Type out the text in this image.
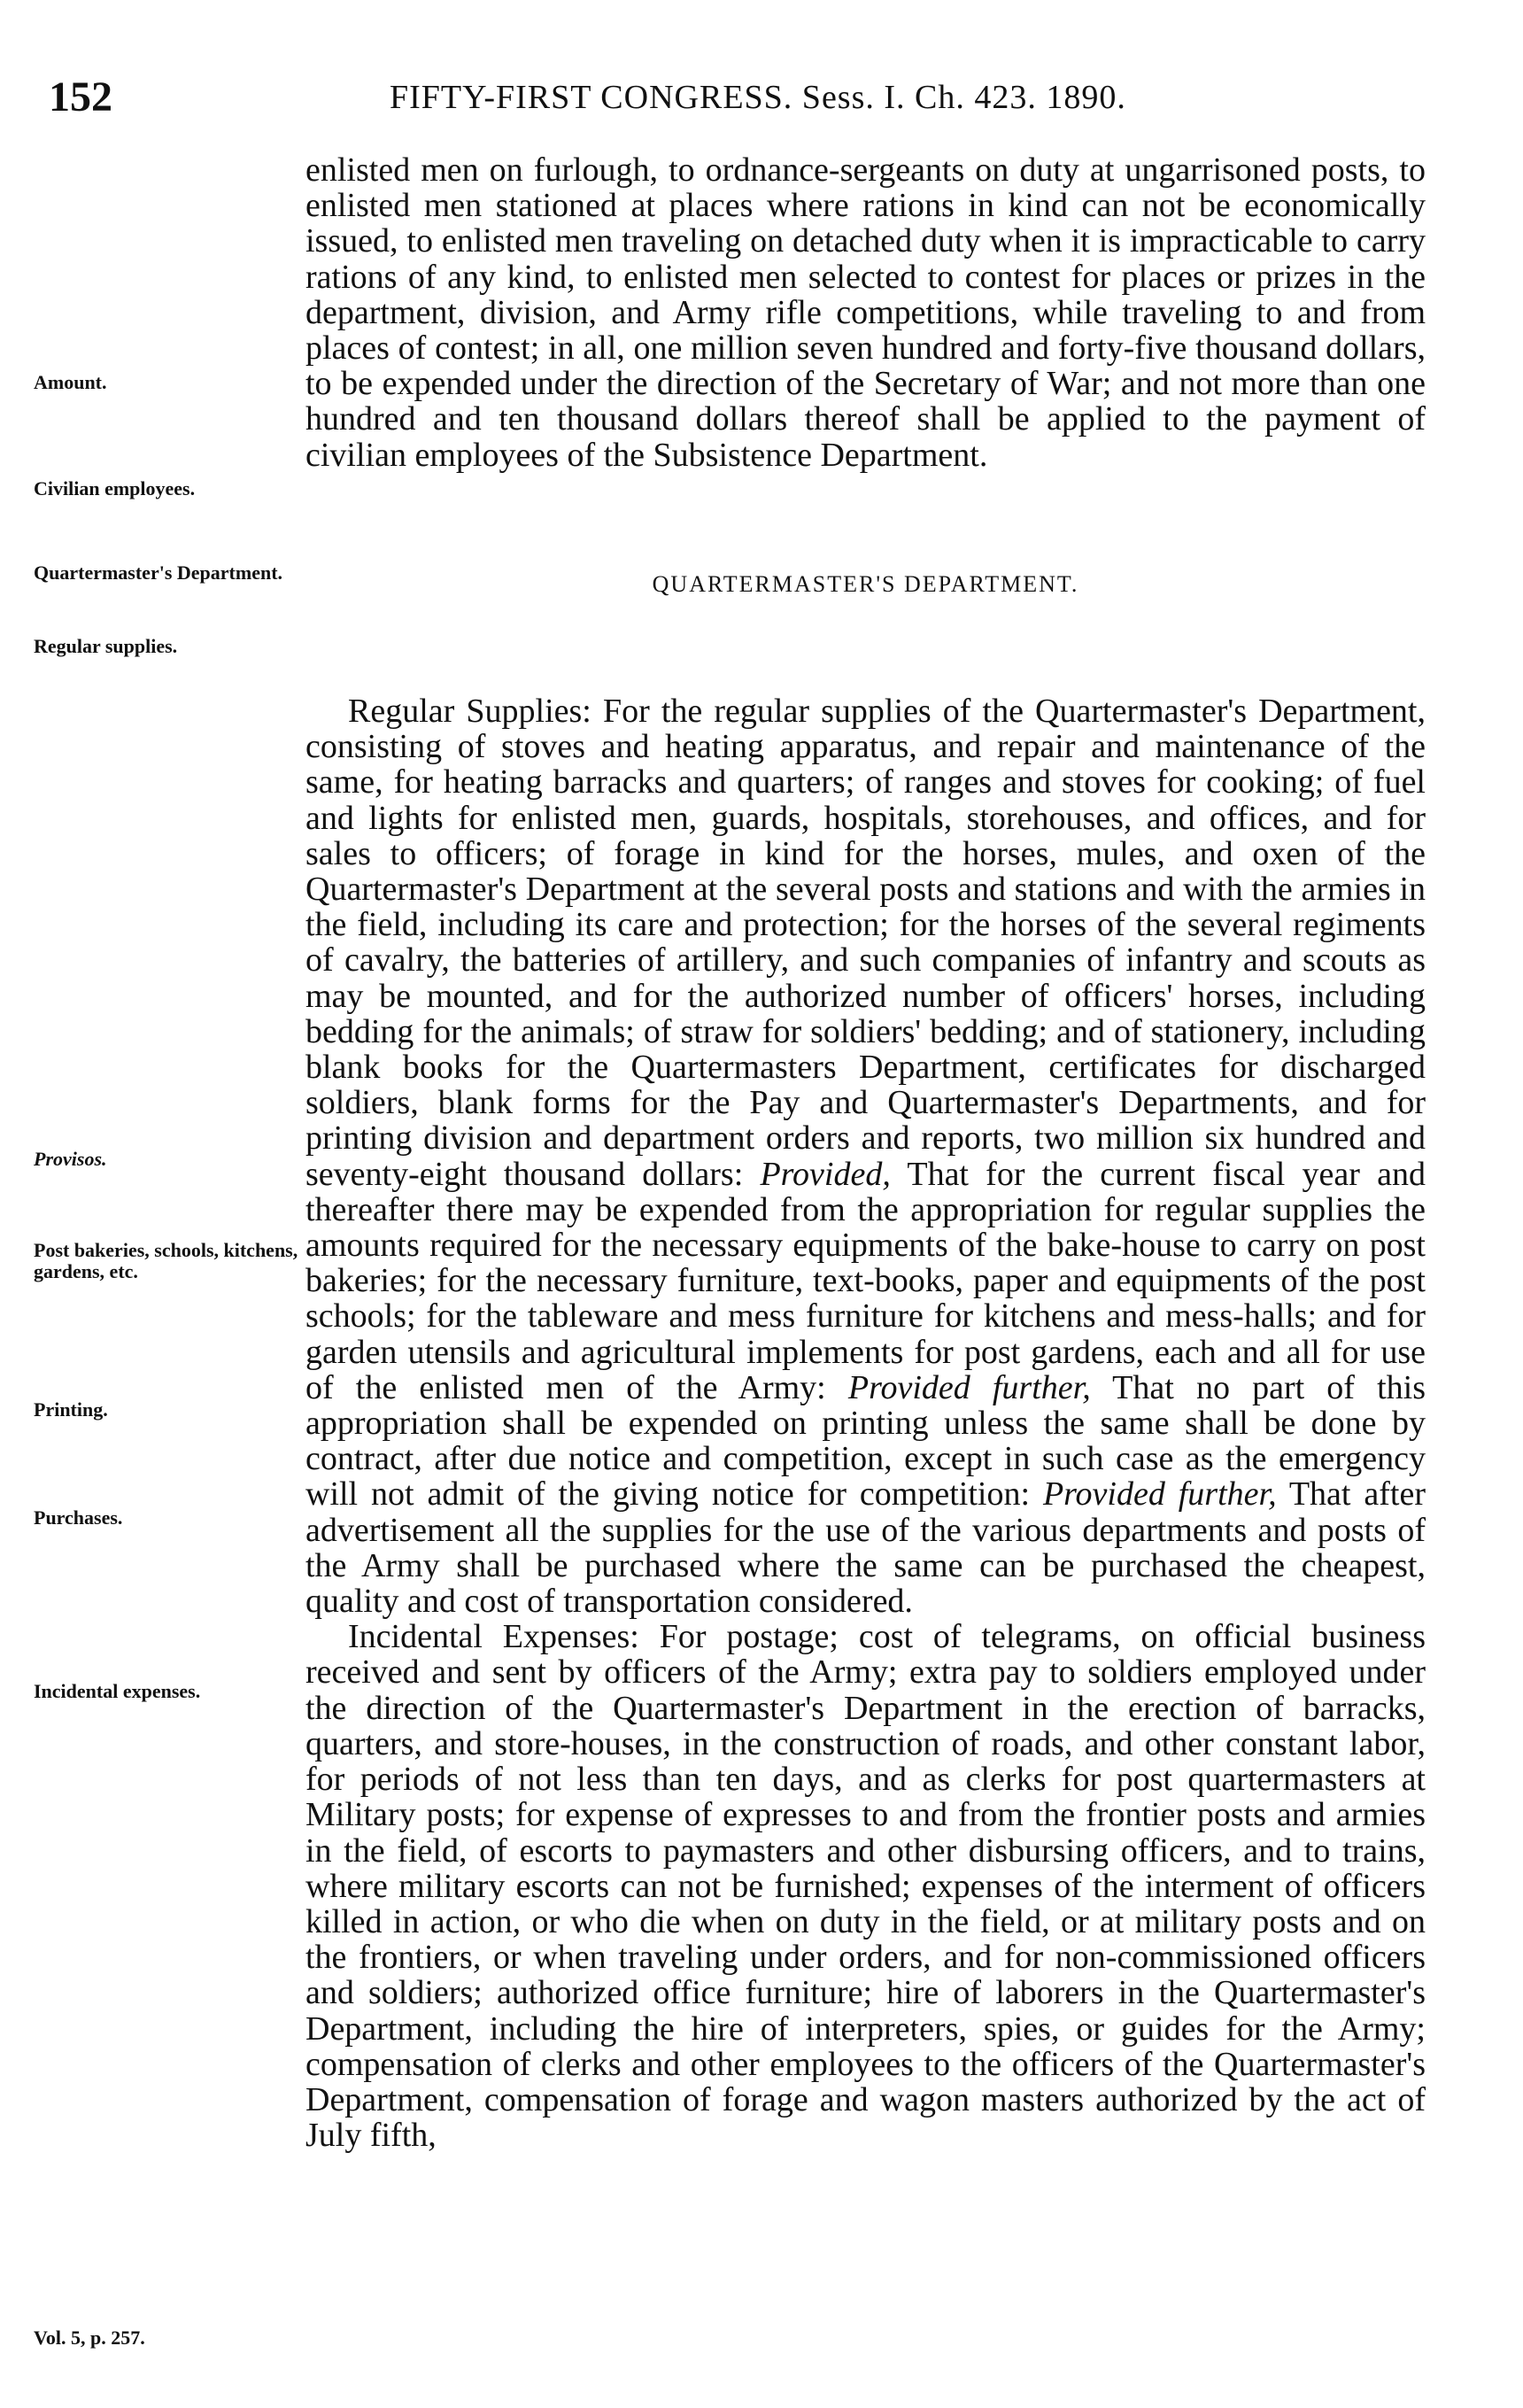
152	FIFTY-FIRST CONGRESS. Sess. I. Ch. 423. 1890.

enlisted men on furlough, to ordnance-sergeants on duty at ungarrisoned posts, to enlisted men stationed at places where rations in kind can not be economically issued, to enlisted men traveling on detached duty when it is impracticable to carry rations of any kind, to enlisted men selected to contest for places or prizes in the department, division, and Army rifle competitions, while traveling to and from places of contest; in all, one million seven hundred and forty-five thousand dollars, to be expended under the direction of the Secretary of War; and not more than one hundred and ten thousand dollars thereof shall be applied to the payment of civilian employees of the Subsistence Department.

QUARTERMASTER'S DEPARTMENT.

Regular Supplies: For the regular supplies of the Quartermaster's Department, consisting of stoves and heating apparatus, and repair and maintenance of the same, for heating barracks and quarters; of ranges and stoves for cooking; of fuel and lights for enlisted men, guards, hospitals, storehouses, and offices, and for sales to officers; of forage in kind for the horses, mules, and oxen of the Quartermaster's Department at the several posts and stations and with the armies in the field, including its care and protection; for the horses of the several regiments of cavalry, the batteries of artillery, and such companies of infantry and scouts as may be mounted, and for the authorized number of officers' horses, including bedding for the animals; of straw for soldiers' bedding; and of stationery, including blank books for the Quartermasters Department, certificates for discharged soldiers, blank forms for the Pay and Quartermaster's Departments, and for printing division and department orders and reports, two million six hundred and seventy-eight thousand dollars: Provided, That for the current fiscal year and thereafter there may be expended from the appropriation for regular supplies the amounts required for the necessary equipments of the bake-house to carry on post bakeries; for the necessary furniture, text-books, paper and equipments of the post schools; for the tableware and mess furniture for kitchens and mess-halls; and for garden utensils and agricultural implements for post gardens, each and all for use of the enlisted men of the Army: Provided further, That no part of this appropriation shall be expended on printing unless the same shall be done by contract, after due notice and competition, except in such case as the emergency will not admit of the giving notice for competition: Provided further, That after advertisement all the supplies for the use of the various departments and posts of the Army shall be purchased where the same can be purchased the cheapest, quality and cost of transportation considered.

Incidental Expenses: For postage; cost of telegrams, on official business received and sent by officers of the Army; extra pay to soldiers employed under the direction of the Quartermaster's Department in the erection of barracks, quarters, and store-houses, in the construction of roads, and other constant labor, for periods of not less than ten days, and as clerks for post quartermasters at Military posts; for expense of expresses to and from the frontier posts and armies in the field, of escorts to paymasters and other disbursing officers, and to trains, where military escorts can not be furnished; expenses of the interment of officers killed in action, or who die when on duty in the field, or at military posts and on the frontiers, or when traveling under orders, and for non-commissioned officers and soldiers; authorized office furniture; hire of laborers in the Quartermaster's Department, including the hire of interpreters, spies, or guides for the Army; compensation of clerks and other employees to the officers of the Quartermaster's Department, compensation of forage and wagon masters authorized by the act of July fifth,

Amount.
Civilian employees.
Quartermaster's Department.
Regular supplies.
Provisos.
Post bakeries, schools, kitchens, gardens, etc.
Printing.
Purchases.
Incidental expenses.
Vol. 5, p. 257.
